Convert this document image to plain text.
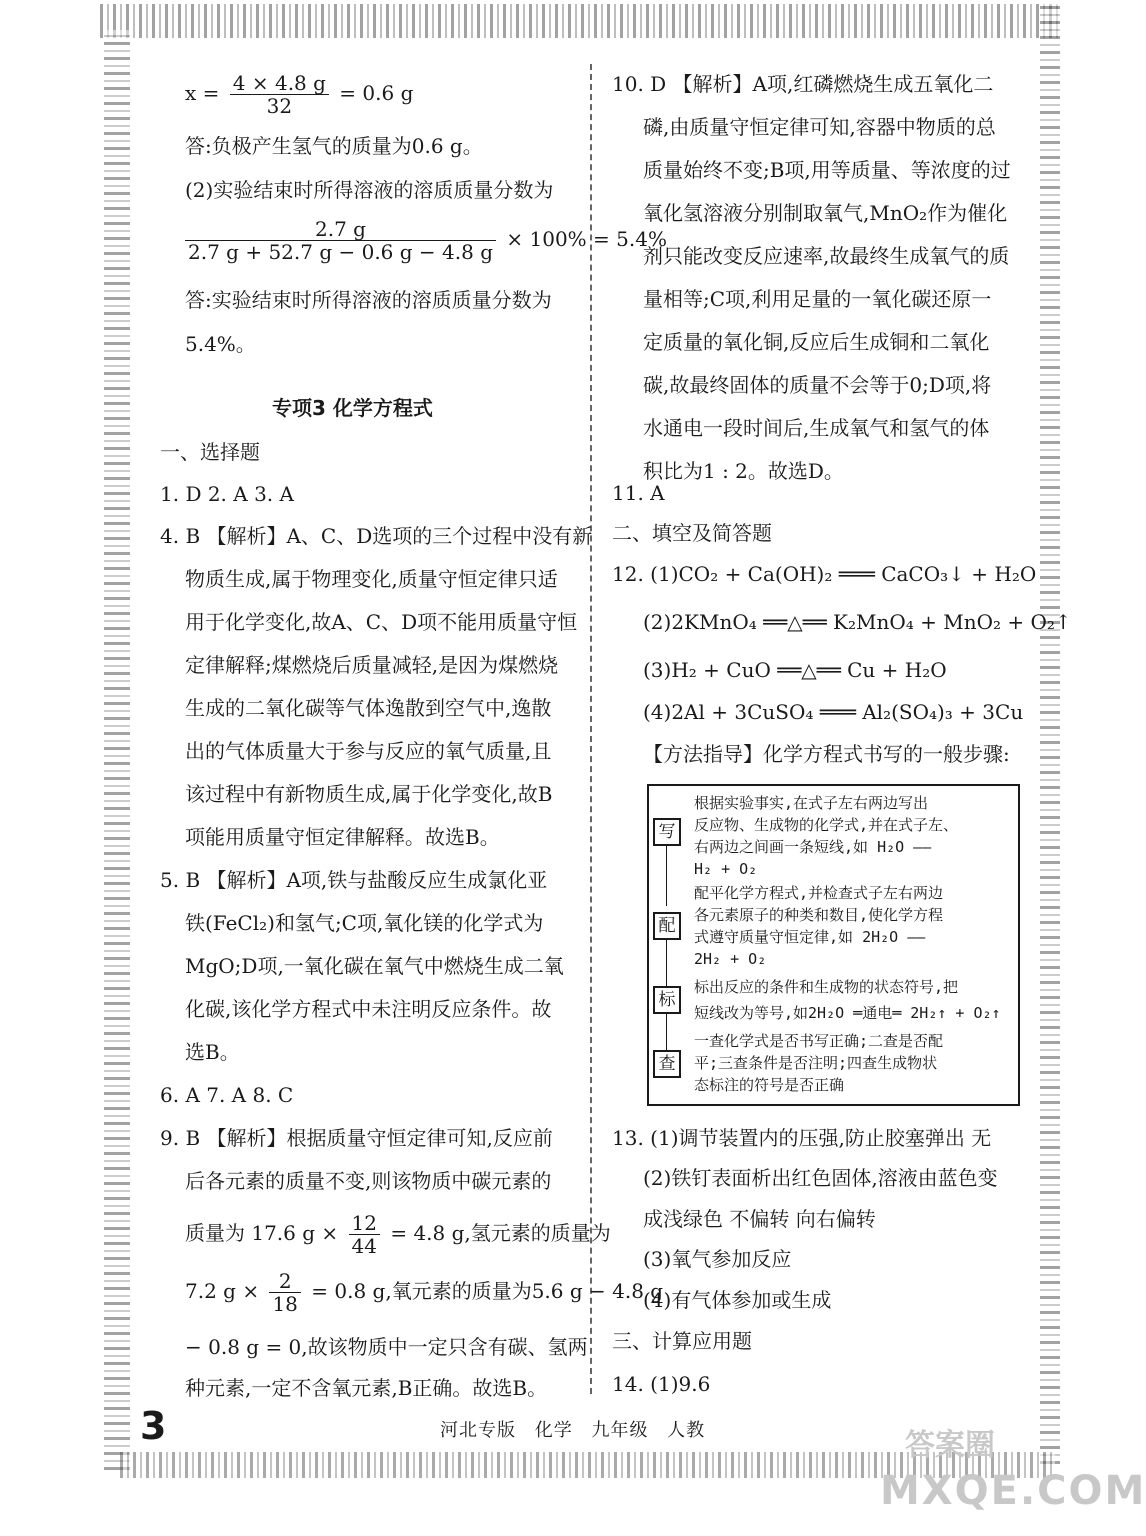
$x = \frac{4 \times 4.8 g}{32} = 0.6$ g
答:负极产生氢气的质量为0.6 g。
(2)实验结束时所得溶液的溶质质量分数为
$\frac{2.7 g}{2.7 g + 52.7 g - 0.6 g - 4.8 g} \times 100\% = 5.4\%$
答:实验结束时所得溶液的溶质质量分数为
5.4%。
专项3 化学方程式
一、选择题
1. D 2. A 3. A
4. B 【解析】A、C、D选项的三个过程中没有新
物质生成,属于物理变化,质量守恒定律只适
用于化学变化,故A、C、D项不能用质量守恒
定律解释;煤燃烧后质量减轻,是因为煤燃烧
生成的二氧化碳等气体逸散到空气中,逸散
出的气体质量大于参与反应的氧气质量,且
该过程中有新物质生成,属于化学变化,故B
项能用质量守恒定律解释。故选B。
5. B 【解析】A项,铁与盐酸反应生成氯化亚
铁(FeCl₂)和氢气;C项,氧化镁的化学式为
MgO;D项,一氧化碳在氧气中燃烧生成二氧
化碳,该化学方程式中未注明反应条件。故
选B。
6. A 7. A 8. C
9. B 【解析】根据质量守恒定律可知,反应前
后各元素的质量不变,则该物质中碳元素的
质量为 17.6 $g \times \frac{12}{44} = 4.8$ g,氢元素的质量为
7.2 $g \times \frac{2}{18} = 0.8$ g,氧元素的质量为5.6 g − 4.8 g
− 0.8 g = 0,故该物质中一定只含有碳、氢两
种元素,一定不含氧元素,B正确。故选B。
10. D 【解析】A项,红磷燃烧生成五氧化二
磷,由质量守恒定律可知,容器中物质的总
质量始终不变;B项,用等质量、等浓度的过
氧化氢溶液分别制取氧气,MnO₂作为催化
剂只能改变反应速率,故最终生成氧气的质
量相等;C项,利用足量的一氧化碳还原一
定质量的氧化铜,反应后生成铜和二氧化
碳,故最终固体的质量不会等于0;D项,将
水通电一段时间后,生成氧气和氢气的体
积比为1 : 2。故选D。
11. A
二、填空及简答题
12. (1)CO₂ + Ca(OH)₂ ═══ CaCO₃↓ + H₂O
(2)2KMnO₄ ══△══ K₂MnO₄ + MnO₂ + O₂↑
(3)H₂ + CuO ══△══ Cu + H₂O
(4)2Al + 3CuSO₄ ═══ Al₂(SO₄)₃ + 3Cu
【方法指导】化学方程式书写的一般步骤:
写
配
标
查
根据实验事实,在式子左右两边写出
反应物、生成物的化学式,并在式子左、
右两边之间画一条短线,如 H₂O ——
H₂ + O₂
配平化学方程式,并检查式子左右两边
各元素原子的种类和数目,使化学方程
式遵守质量守恒定律,如 2H₂O ——
2H₂ + O₂
标出反应的条件和生成物的状态符号,把
短线改为等号,如2H₂O ═通电═ 2H₂↑ + O₂↑
一查化学式是否书写正确;二查是否配
平;三查条件是否注明;四查生成物状
态标注的符号是否正确
13. (1)调节装置内的压强,防止胶塞弹出 无
(2)铁钉表面析出红色固体,溶液由蓝色变
成浅绿色 不偏转 向右偏转
(3)氧气参加反应
(4)有气体参加或生成
三、计算应用题
14. (1)9.6
3	河北专版 化学 九年级 人教	答案圈
MXQE.COM
